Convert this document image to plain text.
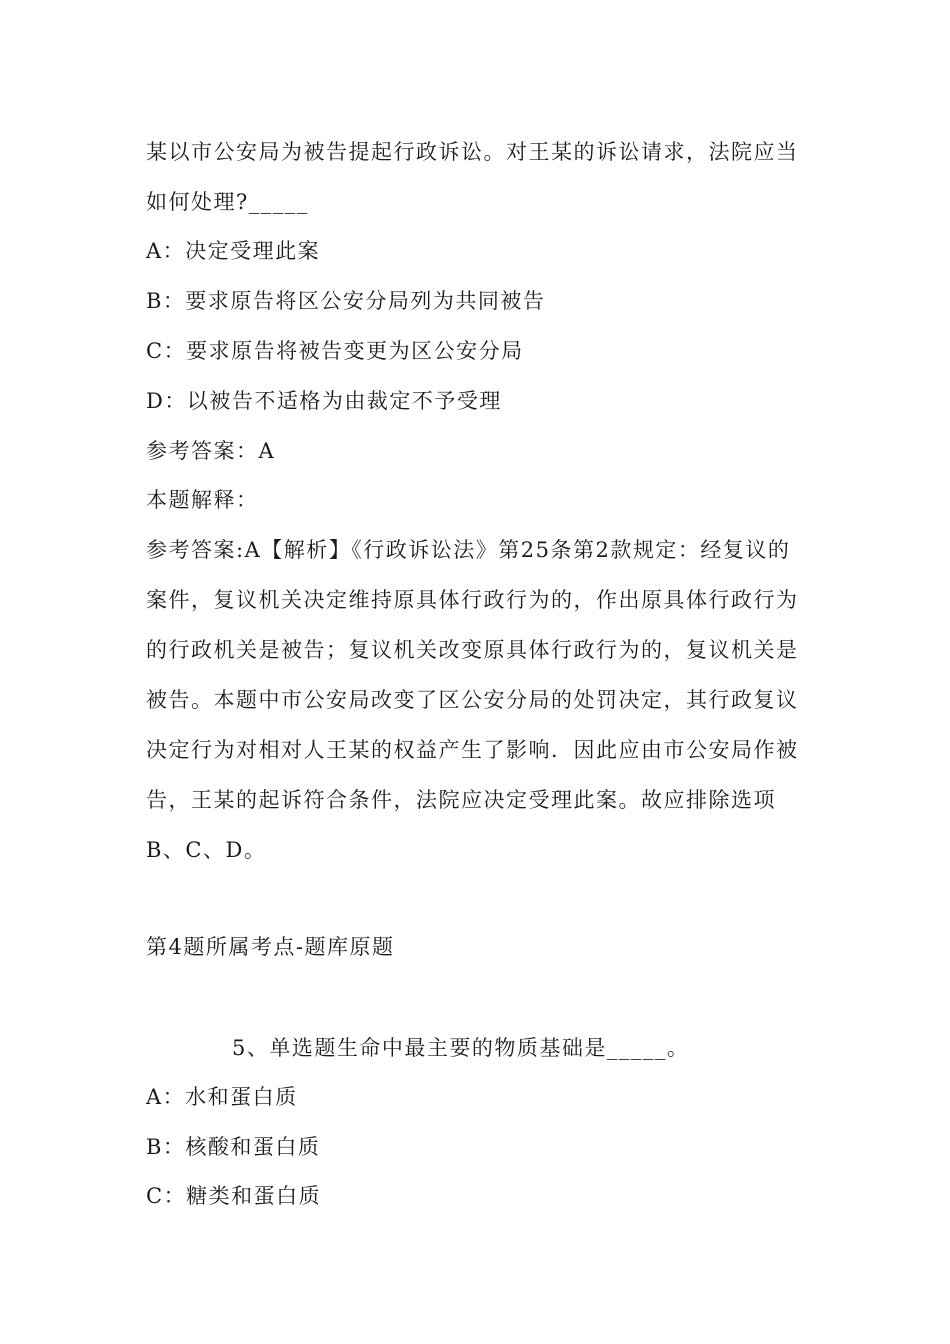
某以市公安局为被告提起行政诉讼。对王某的诉讼请求，法院应当
如何处理?_____
A：决定受理此案
B：要求原告将区公安分局列为共同被告
C：要求原告将被告变更为区公安分局
D：以被告不适格为由裁定不予受理
参考答案：A
本题解释：
参考答案:A【解析】《行政诉讼法》第25条第2款规定：经复议的
案件，复议机关决定维持原具体行政行为的，作出原具体行政行为
的行政机关是被告；复议机关改变原具体行政行为的，复议机关是
被告。本题中市公安局改变了区公安分局的处罚决定，其行政复议
决定行为对相对人王某的权益产生了影响．因此应由市公安局作被
告，王某的起诉符合条件，法院应决定受理此案。故应排除选项
B、C、D。
第4题所属考点-题库原题
5、单选题生命中最主要的物质基础是_____。
A：水和蛋白质
B：核酸和蛋白质
C：糖类和蛋白质
